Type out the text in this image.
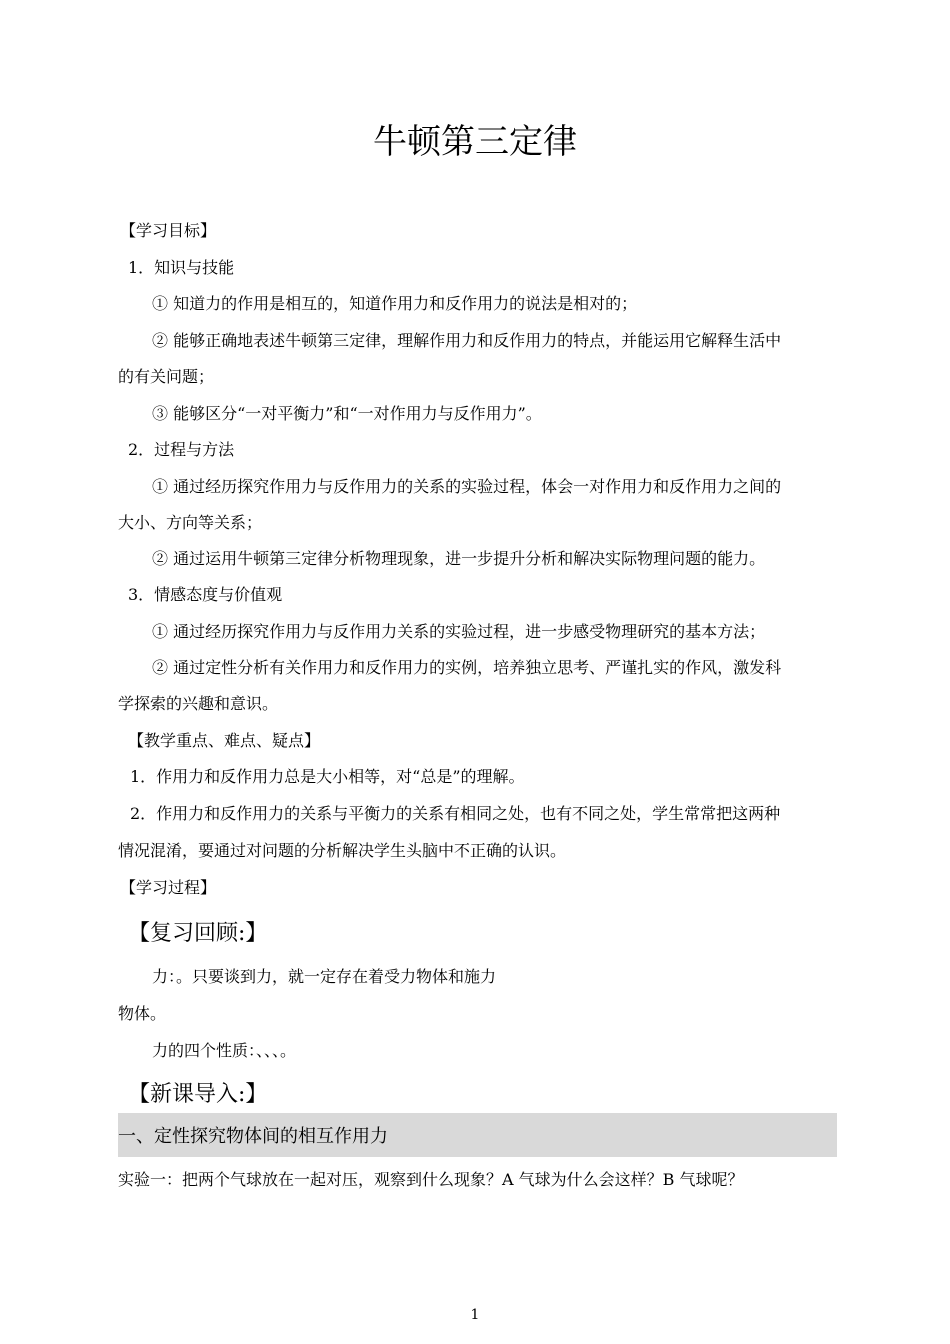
牛顿第三定律
【学习目标】
1．知识与技能
① 知道力的作用是相互的，知道作用力和反作用力的说法是相对的；
② 能够正确地表述牛顿第三定律，理解作用力和反作用力的特点，并能运用它解释生活中
的有关问题；
③ 能够区分“一对平衡力”和“一对作用力与反作用力”。
2．过程与方法
① 通过经历探究作用力与反作用力的关系的实验过程，体会一对作用力和反作用力之间的
大小、方向等关系；
② 通过运用牛顿第三定律分析物理现象，进一步提升分析和解决实际物理问题的能力。
3．情感态度与价值观
① 通过经历探究作用力与反作用力关系的实验过程，进一步感受物理研究的基本方法；
② 通过定性分析有关作用力和反作用力的实例，培养独立思考、严谨扎实的作风，激发科
学探索的兴趣和意识。
【教学重点、难点、疑点】
1．作用力和反作用力总是大小相等，对“总是”的理解。
2．作用力和反作用力的关系与平衡力的关系有相同之处，也有不同之处，学生常常把这两种
情况混淆，要通过对问题的分析解决学生头脑中不正确的认识。
【学习过程】
【复习回顾:】
力：。只要谈到力，就一定存在着受力物体和施力
物体。
力的四个性质：、、、。
【新课导入:】
一、定性探究物体间的相互作用力
实验一：把两个气球放在一起对压，观察到什么现象？A 气球为什么会这样？B 气球呢？
1
